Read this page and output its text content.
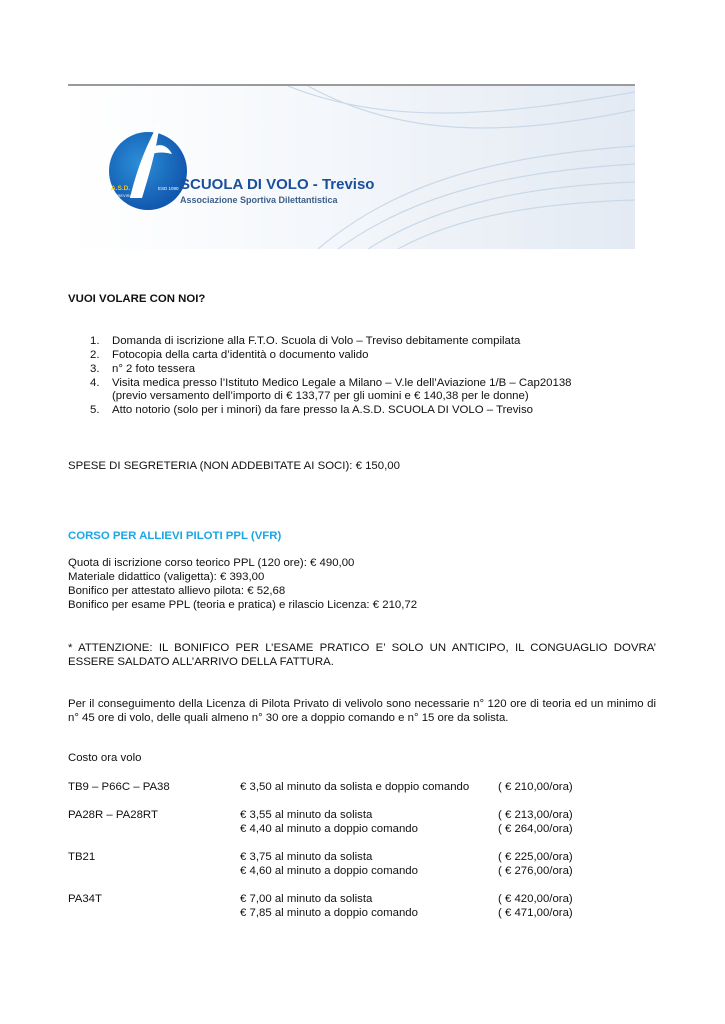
A.S.D.	ESD 1090
TREVISO
SCUOLA DI VOLO - Treviso
Associazione Sportiva Dilettantistica
VUOI VOLARE CON NOI?
1. Domanda di iscrizione alla F.T.O. Scuola di Volo – Treviso debitamente compilata
2. Fotocopia della carta d’identità o documento valido
3. n° 2 foto tessera
4. Visita medica presso l’Istituto Medico Legale a Milano – V.le dell’Aviazione 1/B – Cap20138
(previo versamento dell’importo di € 133,77 per gli uomini e € 140,38 per le donne)
5. Atto notorio (solo per i minori) da fare presso la A.S.D. SCUOLA DI VOLO – Treviso
SPESE DI SEGRETERIA (NON ADDEBITATE AI SOCI): € 150,00
CORSO PER ALLIEVI PILOTI PPL (VFR)
Quota di iscrizione corso teorico PPL (120 ore): € 490,00
Materiale didattico (valigetta): € 393,00
Bonifico per attestato allievo pilota: € 52,68
Bonifico per esame PPL (teoria e pratica) e rilascio Licenza: € 210,72
* ATTENZIONE: IL BONIFICO PER L’ESAME PRATICO E’ SOLO UN ANTICIPO, IL CONGUAGLIO DOVRA’ ESSERE SALDATO ALL’ARRIVO DELLA FATTURA.
Per il conseguimento della Licenza di Pilota Privato di velivolo sono necessarie n° 120 ore di teoria ed un minimo di n° 45 ore di volo, delle quali almeno n° 30 ore a doppio comando e n° 15 ore da solista.
Costo ora volo
TB9 – P66C – PA38	€ 3,50 al minuto da solista e doppio comando	( € 210,00/ora)
PA28R – PA28RT	€ 3,55 al minuto da solista	( € 213,00/ora)
€ 4,40 al minuto a doppio comando	( € 264,00/ora)
TB21	€ 3,75 al minuto da solista	( € 225,00/ora)
€ 4,60 al minuto a doppio comando	( € 276,00/ora)
PA34T	€ 7,00 al minuto da solista	( € 420,00/ora)
€ 7,85 al minuto a doppio comando	( € 471,00/ora)
